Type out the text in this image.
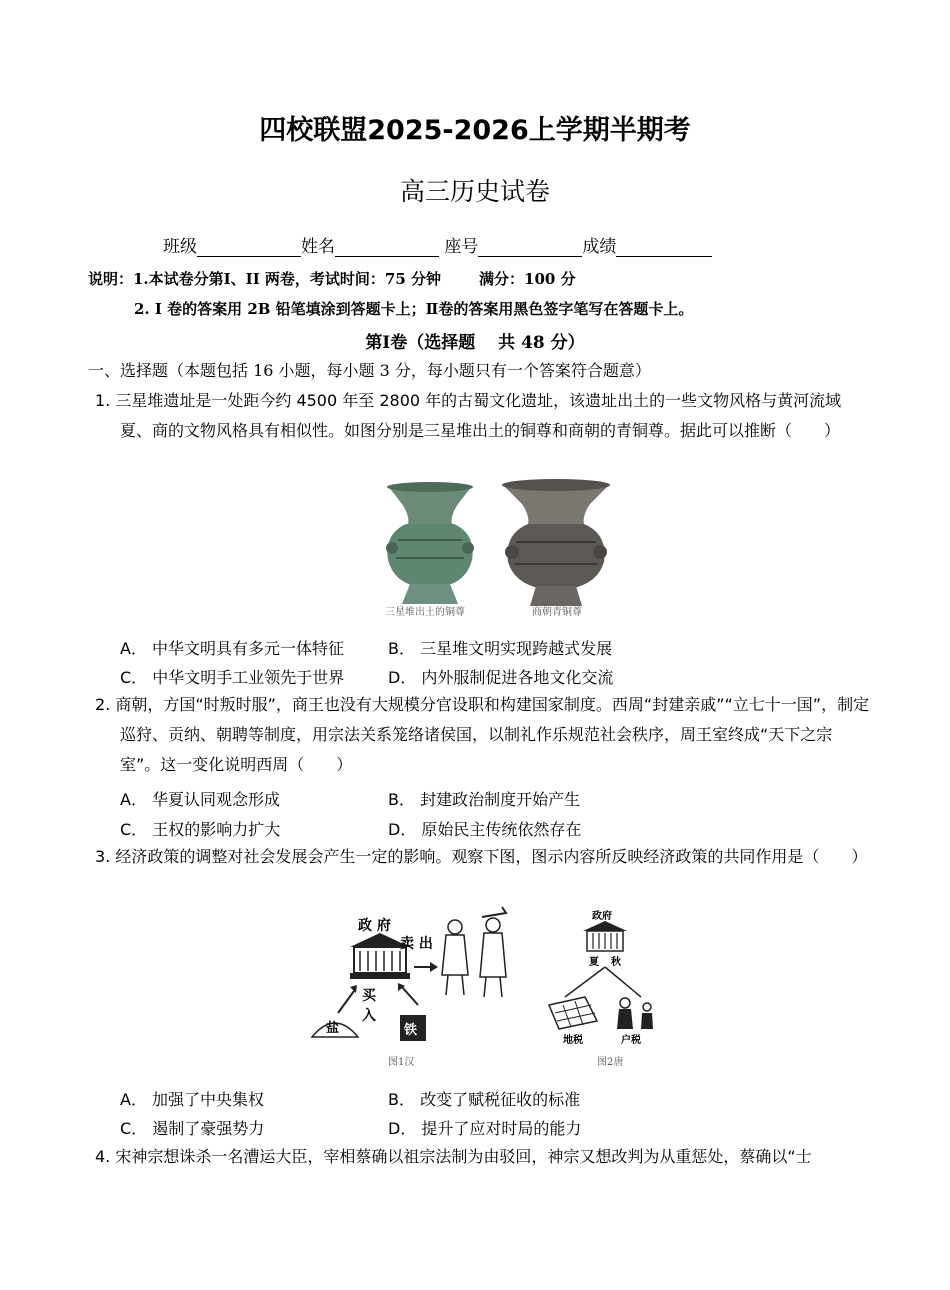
四校联盟2025-2026上学期半期考
高三历史试卷
班级	姓名	座号	成绩
说明：1.本试卷分第Ⅰ、II 两卷，考试时间：75 分钟	满分：100 分
2. Ⅰ 卷的答案用 2B 铅笔填涂到答题卡上；Ⅱ卷的答案用黑色签字笔写在答题卡上。
第Ⅰ卷（选择题　 共 48 分）
一、选择题（本题包括 16 小题，每小题 3 分，每小题只有一个答案符合题意）
1. 三星堆遗址是一处距今约 4500 年至 2800 年的古蜀文化遗址，该遗址出土的一些文物风格与黄河流域夏、商的文物风格具有相似性。如图分别是三星堆出土的铜尊和商朝的青铜尊。据此可以推断（　　）
三星堆出土的铜尊	商朝青铜尊
A． 中华文明具有多元一体特征	B． 三星堆文明实现跨越式发展
C． 中华文明手工业领先于世界	D． 内外服制促进各地文化交流
2. 商朝，方国“时叛时服”，商王也没有大规模分官设职和构建国家制度。西周“封建亲戚”“立七十一国”，制定巡狩、贡纳、朝聘等制度，用宗法关系笼络诸侯国，以制礼作乐规范社会秩序，周王室终成“天下之宗室”。这一变化说明西周（　　）
A． 华夏认同观念形成	B． 封建政治制度开始产生
C． 王权的影响力扩大	D． 原始民主传统依然存在
3. 经济政策的调整对社会发展会产生一定的影响。观察下图，图示内容所反映经济政策的共同作用是（　　）
政 府
卖 出
买
入
盐	铁
图1汉
政府
夏 秋
地税	户税
图2唐
A． 加强了中央集权	B． 改变了赋税征收的标准
C． 遏制了豪强势力	D． 提升了应对时局的能力
4. 宋神宗想诛杀一名漕运大臣，宰相蔡确以祖宗法制为由驳回，神宗又想改判为从重惩处，蔡确以“士
